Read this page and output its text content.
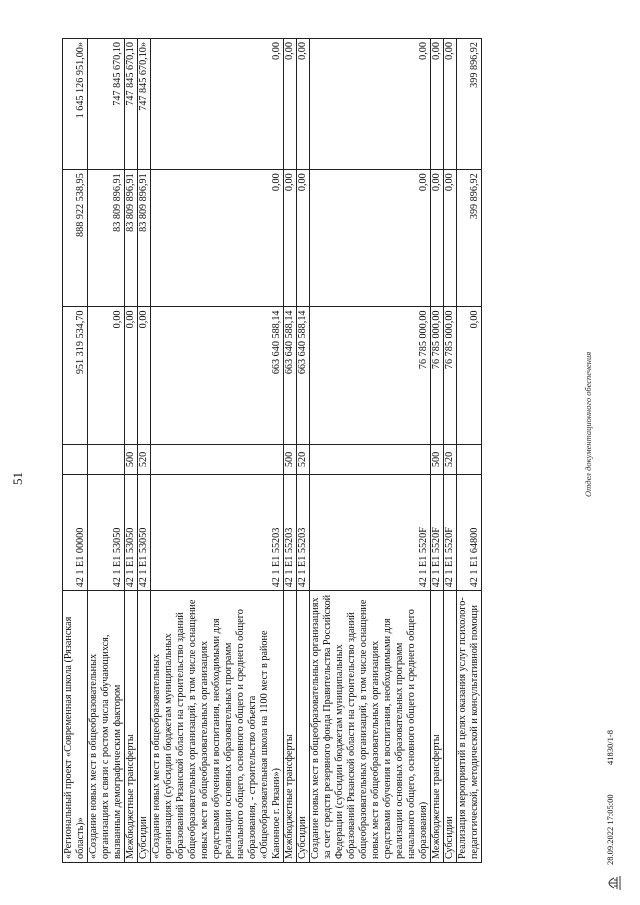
51
«Региональный проект «Современная школа (Рязанская область)»	42 1 E1 00000		951 319 534,70	888 922 538,95	1 645 126 951,00»
«Создание новых мест в общеобразовательных организациях в связи с ростом числа обучающихся, вызванным демографическим фактором	42 1 E1 53050		0,00	83 809 896,91	747 845 670,10
Межбюджетные трансферты	42 1 E1 53050	500	0,00	83 809 896,91	747 845 670,10
Субсидии	42 1 E1 53050	520	0,00	83 809 896,91	747 845 670,10»
«Создание новых мест в общеобразовательных организациях (субсидии бюджетам муниципальных образований Рязанской области на строительство зданий общеобразовательных организаций, в том числе оснащение новых мест в общеобразовательных организациях средствами обучения и воспитания, необходимыми для реализации основных образовательных программ начального общего, основного общего и среднего общего образования, - строительство объекта «Общеобразовательная школа на 1100 мест в районе Канонное г. Рязани»)	42 1 E1 55203		663 640 588,14	0,00	0,00
Межбюджетные трансферты	42 1 E1 55203	500	663 640 588,14	0,00	0,00
Субсидии	42 1 E1 55203	520	663 640 588,14	0,00	0,00
Создание новых мест в общеобразовательных организациях за счет средств резервного фонда Правительства Российской Федерации (субсидии бюджетам муниципальных образований Рязанской области на строительство зданий общеобразовательных организаций, в том числе оснащение новых мест в общеобразовательных организациях средствами обучения и воспитания, необходимыми для реализации основных образовательных программ начального общего, основного общего и среднего общего образования)	42 1 E1 5520F		76 785 000,00	0,00	0,00
Межбюджетные трансферты	42 1 E1 5520F	500	76 785 000,00	0,00	0,00
Субсидии	42 1 E1 5520F	520	76 785 000,00	0,00	0,00
Реализация мероприятий в целях оказания услуг психолого-педагогической, методической и консультативной помощи	42 1 E1 64800		0,00	399 896,92	399 896,92
28.09.2022 17:05:00
41830/1-8
Отдел документационного обеспечения
